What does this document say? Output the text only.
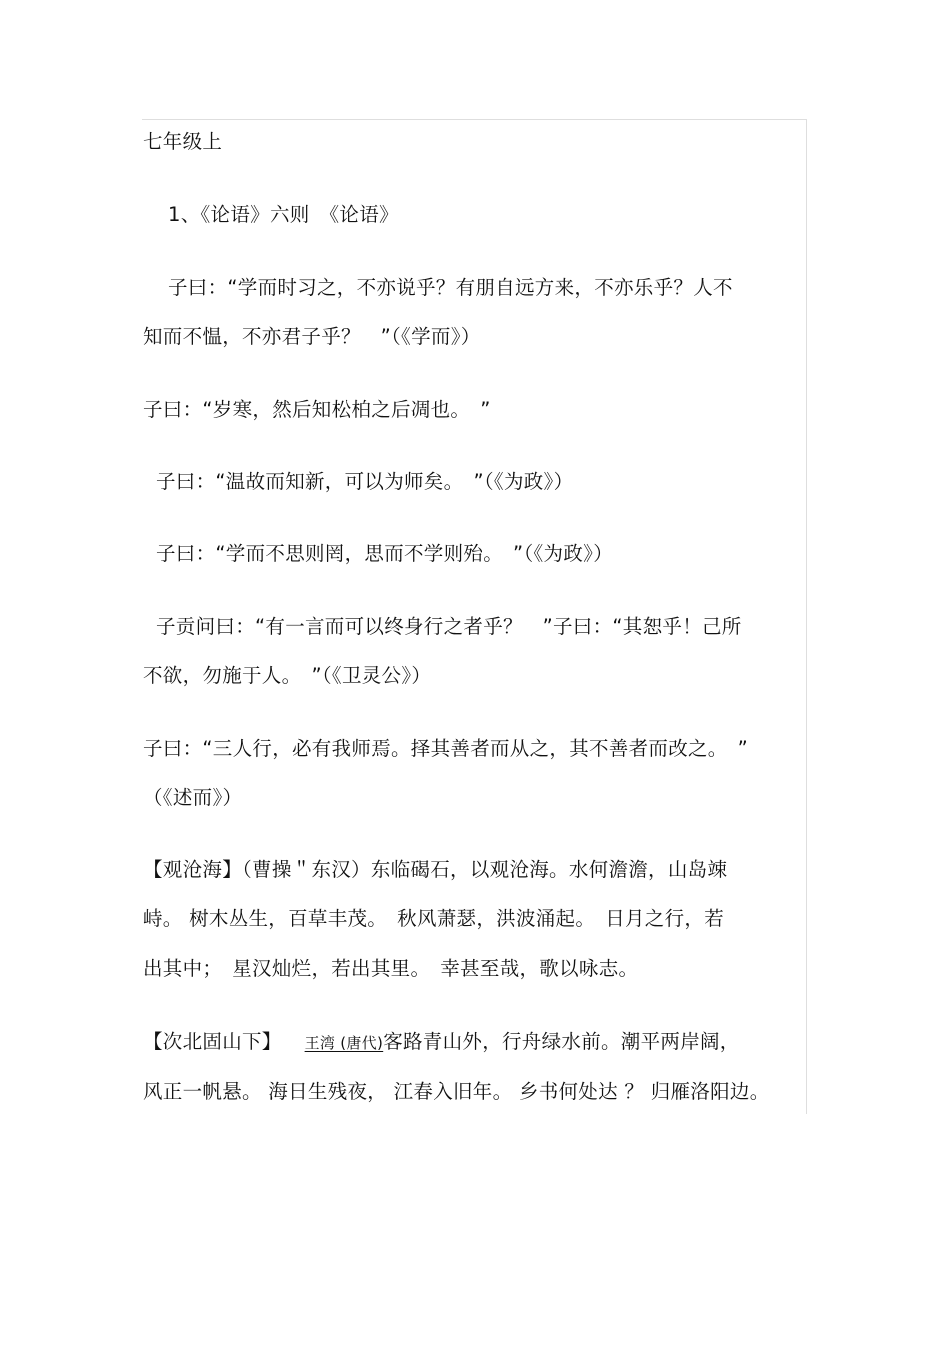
七年级上
1、《论语》六则　《论语》
子曰：“学而时习之，不亦说乎？有朋自远方来，不亦乐乎？人不
知而不愠，不亦君子乎？　”（《学而》）
子曰：“岁寒，然后知松柏之后凋也。　”
子曰：“温故而知新，可以为师矣。　”（《为政》）
子曰：“学而不思则罔，思而不学则殆。　”（《为政》）
子贡问曰：“有一言而可以终身行之者乎？　”子曰：“其恕乎！己所
不欲，勿施于人。　”（《卫灵公》）
子曰：“三人行，必有我师焉。择其善者而从之，其不善者而改之。　”
（《述而》）
【观沧海】（曹操＂东汉）东临碣石，以观沧海。水何澹澹，山岛竦
峙。 树木丛生，百草丰茂。　秋风萧瑟，洪波涌起。　日月之行，若
出其中；　星汉灿烂，若出其里。　幸甚至哉，歌以咏志。
【次北固山下】 王湾 (唐代)客路青山外，行舟绿水前。潮平两岸阔，
风正一帆悬。 海日生残夜， 江春入旧年。 乡书何处达 ？ 归雁洛阳边。
